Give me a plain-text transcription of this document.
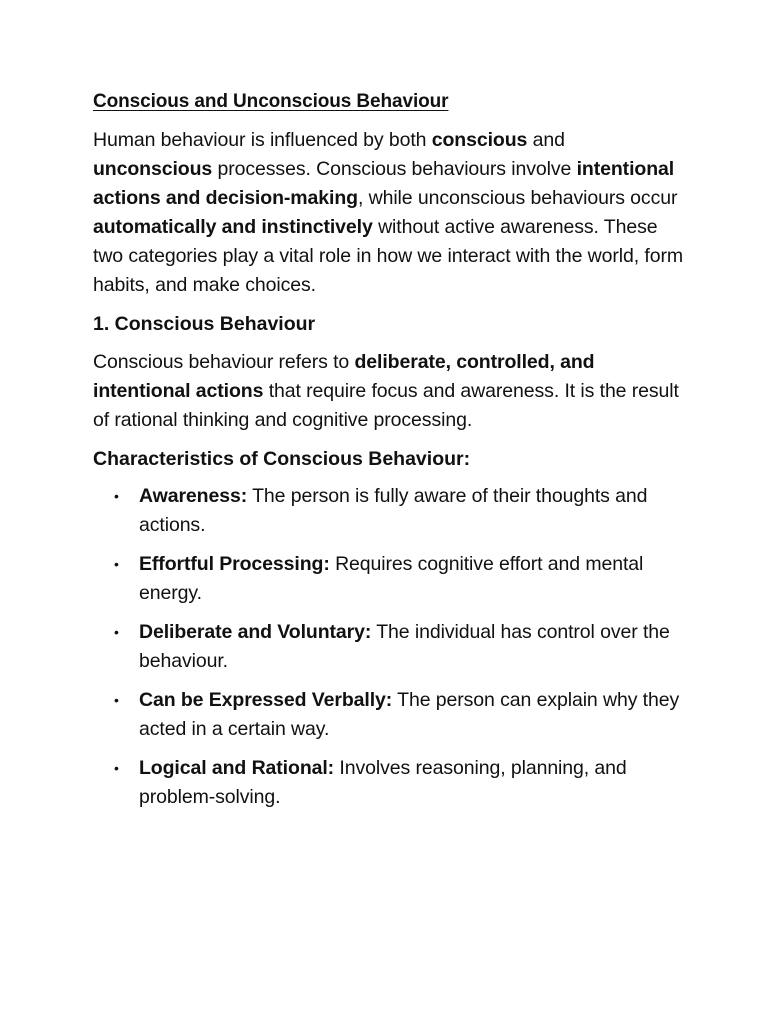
Conscious and Unconscious Behaviour

Human behaviour is influenced by both conscious and unconscious processes. Conscious behaviours involve intentional actions and decision-making, while unconscious behaviours occur automatically and instinctively without active awareness. These two categories play a vital role in how we interact with the world, form habits, and make choices.

1. Conscious Behaviour

Conscious behaviour refers to deliberate, controlled, and intentional actions that require focus and awareness. It is the result of rational thinking and cognitive processing.

Characteristics of Conscious Behaviour:
• Awareness: The person is fully aware of their thoughts and actions.
• Effortful Processing: Requires cognitive effort and mental energy.
• Deliberate and Voluntary: The individual has control over the behaviour.
• Can be Expressed Verbally: The person can explain why they acted in a certain way.
• Logical and Rational: Involves reasoning, planning, and problem-solving.
